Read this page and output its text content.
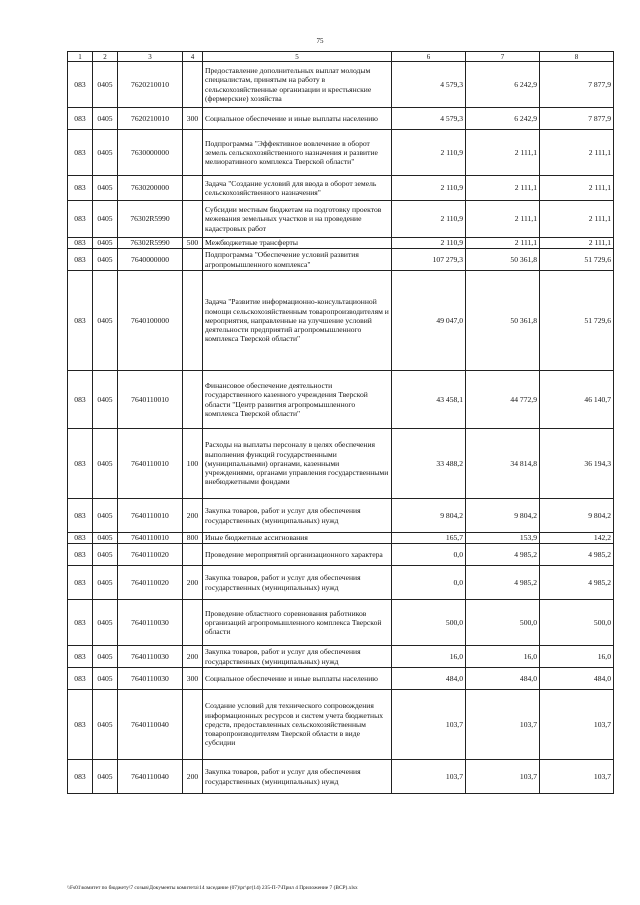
75
1	2	3	4	5	6	7	8
083	0405	7620210010		Предоставление дополнительных выплат молодым специалистам, принятым на работу в сельскохозяйственные организации и крестьянские (фермерские) хозяйства	4 579,3	6 242,9	7 877,9
083	0405	7620210010	300	Социальное обеспечение и иные выплаты населению	4 579,3	6 242,9	7 877,9
083	0405	7630000000		Подпрограмма "Эффективное вовлечение в оборот земель сельскохозяйственного назначения и развитие мелиоративного комплекса Тверской области"	2 110,9	2 111,1	2 111,1
083	0405	7630200000		Задача "Создание условий для ввода в оборот земель сельскохозяйственного назначения"	2 110,9	2 111,1	2 111,1
083	0405	76302R5990		Субсидии местным бюджетам на подготовку проектов межевания земельных участков и на проведение кадастровых работ	2 110,9	2 111,1	2 111,1
083	0405	76302R5990	500	Межбюджетные трансферты	2 110,9	2 111,1	2 111,1
083	0405	7640000000		Подпрограмма "Обеспечение условий развития агропромышленного комплекса"	107 279,3	50 361,8	51 729,6
083	0405	7640100000		Задача "Развитие информационно-консультационной помощи сельскохозяйственным товаропроизводителям и мероприятия, направленные на улучшение условий деятельности предприятий агропромышленного комплекса Тверской области"	49 047,0	50 361,8	51 729,6
083	0405	7640110010		Финансовое обеспечение деятельности государственного казенного учреждения Тверской области "Центр развития агропромышленного комплекса Тверской области"	43 458,1	44 772,9	46 140,7
083	0405	7640110010	100	Расходы на выплаты персоналу в целях обеспечения выполнения функций государственными (муниципальными) органами, казенными учреждениями, органами управления государственными внебюджетными фондами	33 488,2	34 814,8	36 194,3
083	0405	7640110010	200	Закупка товаров, работ и услуг для обеспечения государственных (муниципальных) нужд	9 804,2	9 804,2	9 804,2
083	0405	7640110010	800	Иные бюджетные ассигнования	165,7	153,9	142,2
083	0405	7640110020		Проведение мероприятий организационного характера	0,0	4 985,2	4 985,2
083	0405	7640110020	200	Закупка товаров, работ и услуг для обеспечения государственных (муниципальных) нужд	0,0	4 985,2	4 985,2
083	0405	7640110030		Проведение областного соревнования работников организаций агропромышленного комплекса Тверской области	500,0	500,0	500,0
083	0405	7640110030	200	Закупка товаров, работ и услуг для обеспечения государственных (муниципальных) нужд	16,0	16,0	16,0
083	0405	7640110030	300	Социальное обеспечение и иные выплаты населению	484,0	484,0	484,0
083	0405	7640110040		Создание условий для технического сопровождения информационных ресурсов и систем учета бюджетных средств, предоставленных сельскохозяйственным товаропроизводителям Тверской области в виде субсидии	103,7	103,7	103,7
083	0405	7640110040	200	Закупка товаров, работ и услуг для обеспечения государственных (муниципальных) нужд	103,7	103,7	103,7
\\Fs01\комитет по бюджету\7 созыв\Документы комитета\14 заседание (07)\рг\рг(14) 235-П-7\Прил 4 Приложение 7 (ВСР).xlsx
